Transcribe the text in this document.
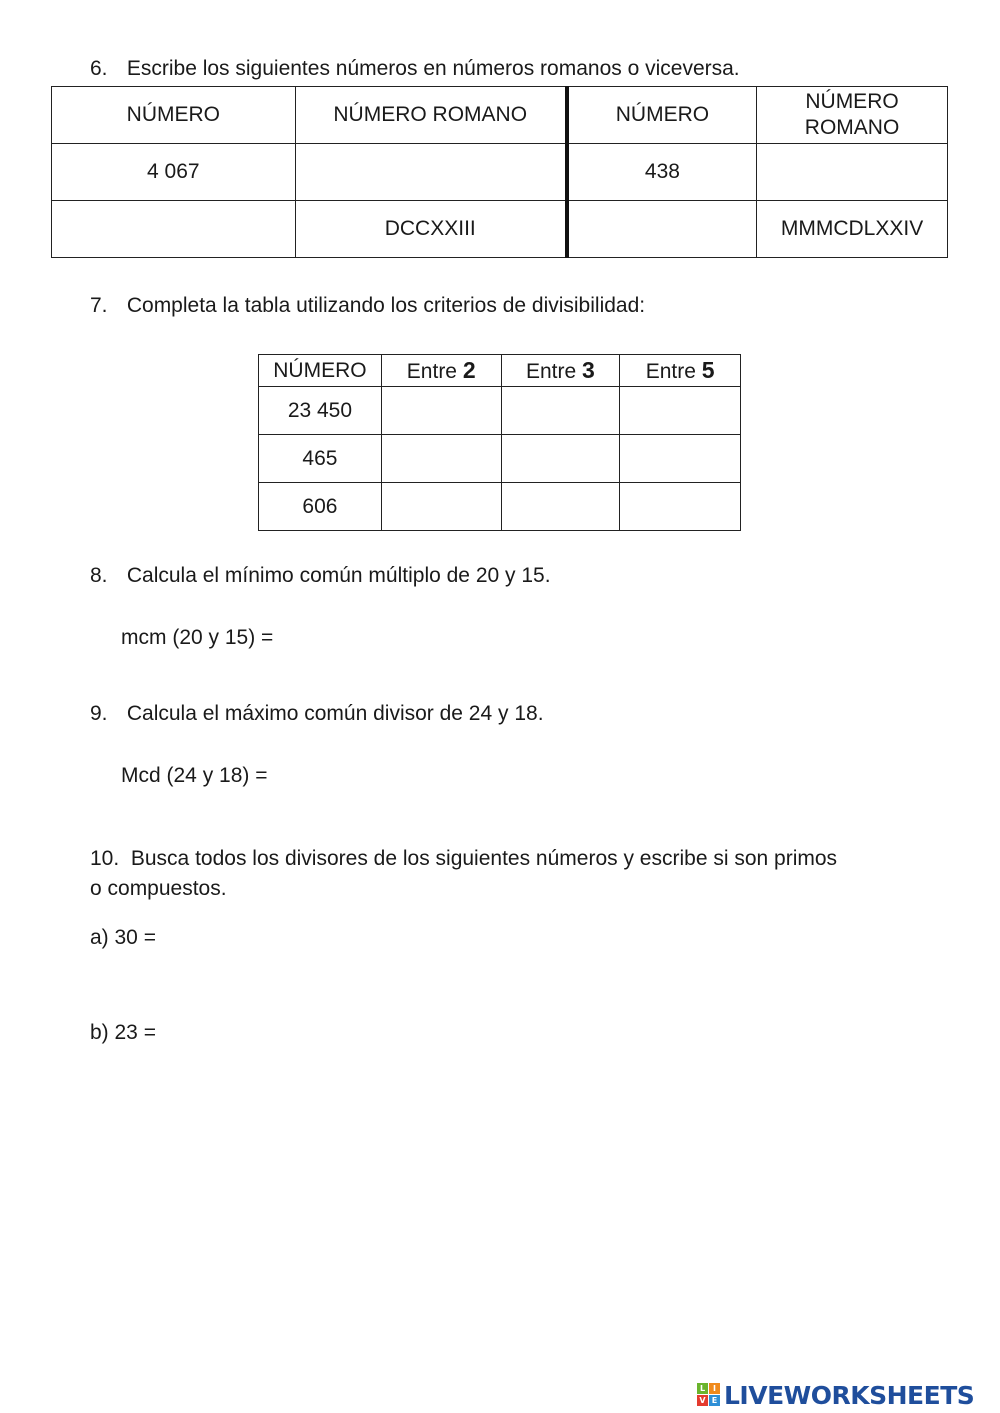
6. Escribe los siguientes números en números romanos o viceversa.
NÚMERO	NÚMERO ROMANO	NÚMERO	NÚMERO
ROMANO
4 067		438	
	DCCXXIII		MMMCDLXXIV
7. Completa la tabla utilizando los criterios de divisibilidad:
NÚMERO	Entre 2	Entre 3	Entre 5
23 450			
465			
606			
8. Calcula el mínimo común múltiplo de 20 y 15.
mcm (20 y 15) =
9. Calcula el máximo común divisor de 24 y 18.
Mcd (24 y 18) =
10. Busca todos los divisores de los siguientes números y escribe si son primos
o compuestos.
a) 30 =
b) 23 =
L I
V E LIVEWORKSHEETS
